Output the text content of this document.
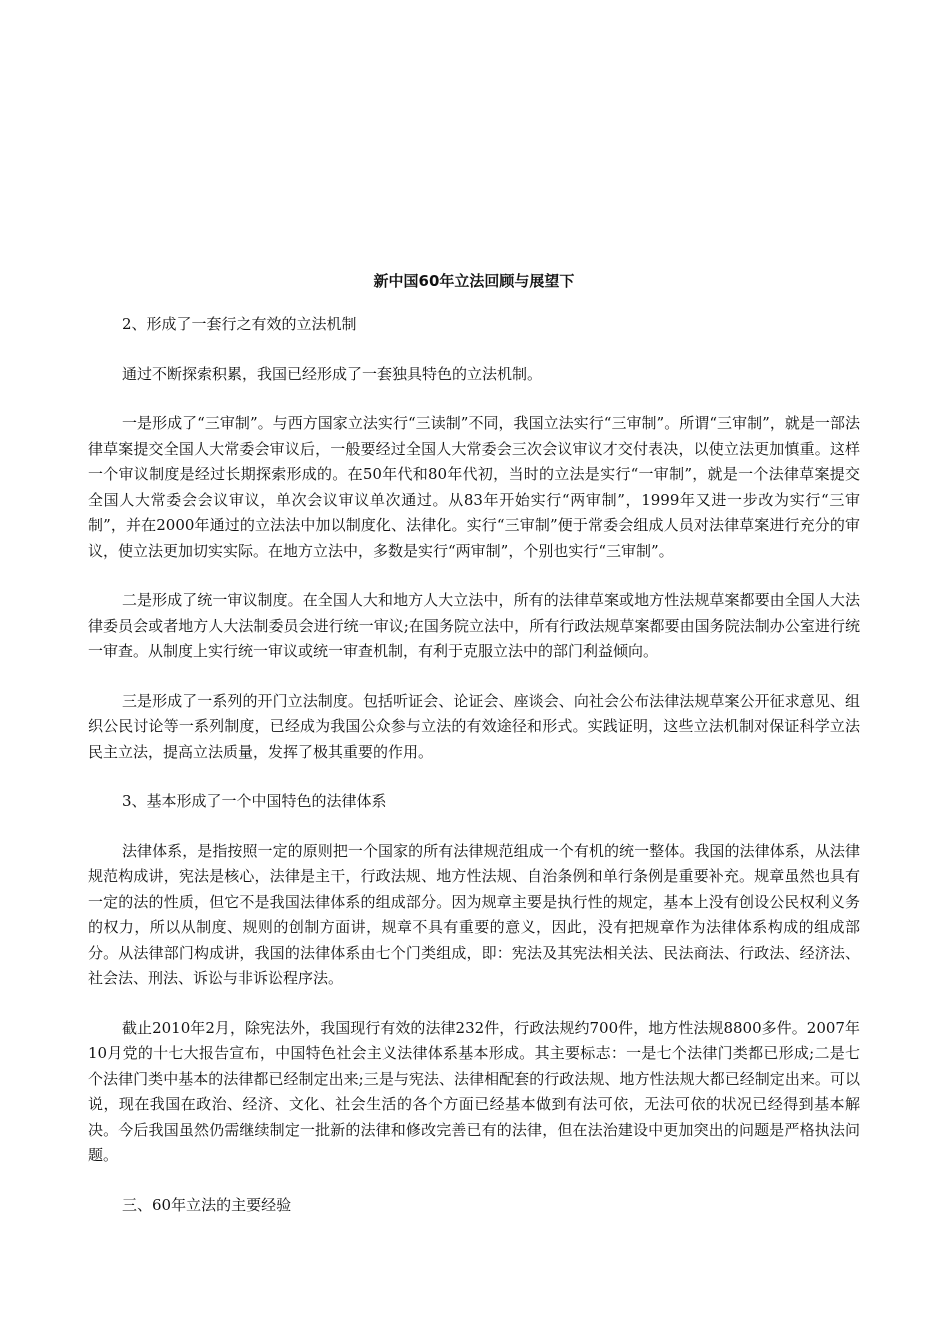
新中国60年立法回顾与展望下
2、形成了一套行之有效的立法机制
通过不断探索积累，我国已经形成了一套独具特色的立法机制。
一是形成了“三审制”。与西方国家立法实行“三读制”不同，我国立法实行“三审制”。所谓“三审制”，就是一部法律草案提交全国人大常委会审议后，一般要经过全国人大常委会三次会议审议才交付表决，以使立法更加慎重。这样一个审议制度是经过长期探索形成的。在50年代和80年代初，当时的立法是实行“一审制”，就是一个法律草案提交全国人大常委会会议审议，单次会议审议单次通过。从83年开始实行“两审制”，1999年又进一步改为实行“三审制”，并在2000年通过的立法法中加以制度化、法律化。实行“三审制”便于常委会组成人员对法律草案进行充分的审议，使立法更加切实实际。在地方立法中，多数是实行“两审制”，个别也实行“三审制”。
二是形成了统一审议制度。在全国人大和地方人大立法中，所有的法律草案或地方性法规草案都要由全国人大法律委员会或者地方人大法制委员会进行统一审议;在国务院立法中，所有行政法规草案都要由国务院法制办公室进行统一审查。从制度上实行统一审议或统一审查机制，有利于克服立法中的部门利益倾向。
三是形成了一系列的开门立法制度。包括听证会、论证会、座谈会、向社会公布法律法规草案公开征求意见、组织公民讨论等一系列制度，已经成为我国公众参与立法的有效途径和形式。实践证明，这些立法机制对保证科学立法民主立法，提高立法质量，发挥了极其重要的作用。
3、基本形成了一个中国特色的法律体系
法律体系，是指按照一定的原则把一个国家的所有法律规范组成一个有机的统一整体。我国的法律体系，从法律规范构成讲，宪法是核心，法律是主干，行政法规、地方性法规、自治条例和单行条例是重要补充。规章虽然也具有一定的法的性质，但它不是我国法律体系的组成部分。因为规章主要是执行性的规定，基本上没有创设公民权利义务的权力，所以从制度、规则的创制方面讲，规章不具有重要的意义，因此，没有把规章作为法律体系构成的组成部分。从法律部门构成讲，我国的法律体系由七个门类组成，即：宪法及其宪法相关法、民法商法、行政法、经济法、社会法、刑法、诉讼与非诉讼程序法。
截止2010年2月，除宪法外，我国现行有效的法律232件，行政法规约700件，地方性法规8800多件。2007年10月党的十七大报告宣布，中国特色社会主义法律体系基本形成。其主要标志：一是七个法律门类都已形成;二是七个法律门类中基本的法律都已经制定出来;三是与宪法、法律相配套的行政法规、地方性法规大都已经制定出来。可以说，现在我国在政治、经济、文化、社会生活的各个方面已经基本做到有法可依，无法可依的状况已经得到基本解决。今后我国虽然仍需继续制定一批新的法律和修改完善已有的法律，但在法治建设中更加突出的问题是严格执法问题。
三、60年立法的主要经验
